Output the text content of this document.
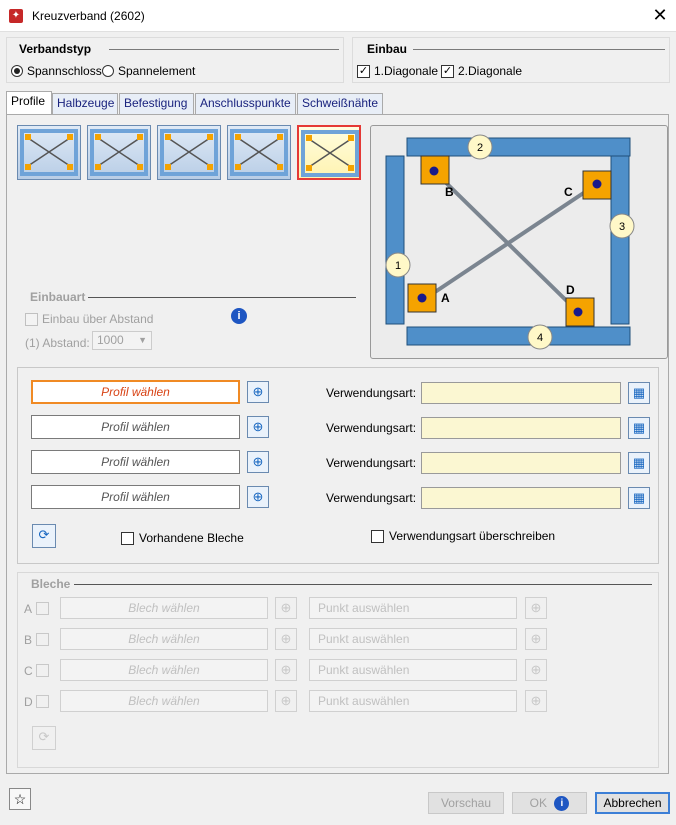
✦ Kreuzverband (2602)	✕
Verbandstyp
Spannschloss Spannelement
Einbau
✓ 1.Diagonale ✓ 2.Diagonale
Profile Halbzeuge Befestigung	Anschlusspunkte Schweißnähte
A
B	C
D
1
2
3
4
Einbauart
Einbau über Abstand	i
(1) Abstand: 1000 ▼
Profil wählen	⊕	Verwendungsart:	▦
Profil wählen	⊕	Verwendungsart:	▦
Profil wählen	⊕	Verwendungsart:	▦
Profil wählen	⊕	Verwendungsart:	▦
⟳	Vorhandene Bleche	Verwendungsart überschreiben
Bleche
A	Blech wählen	⊕	Punkt auswählen	⊕
B	Blech wählen	⊕	Punkt auswählen	⊕
C	Blech wählen	⊕	Punkt auswählen	⊕
D	Blech wählen	⊕	Punkt auswählen	⊕
⟳
☆	Vorschau	OK i	Abbrechen
